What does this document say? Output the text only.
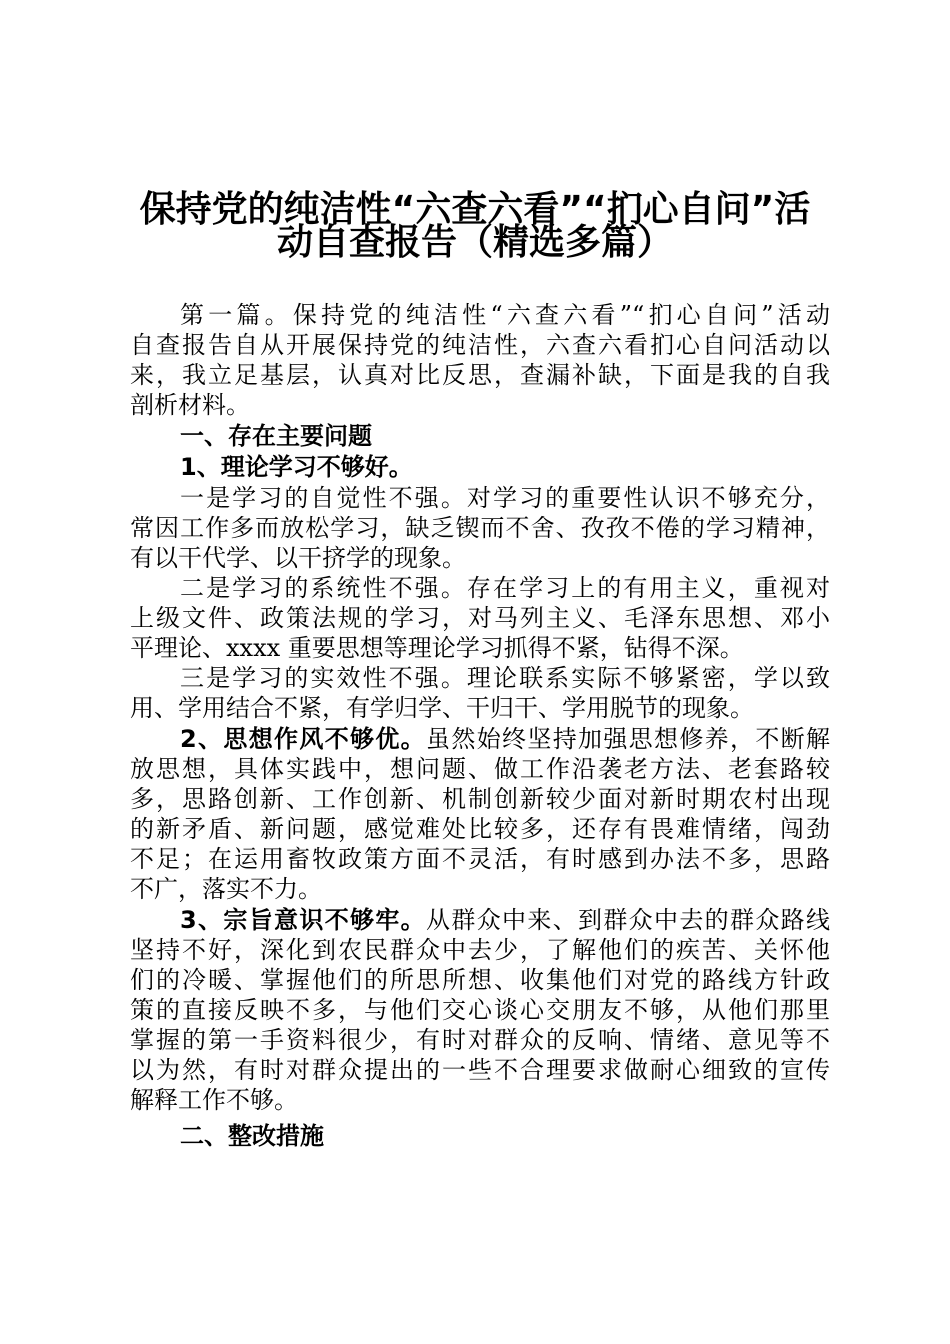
保持党的纯洁性“六查六看”“扪心自问”活
动自查报告（精选多篇）
第一篇。保持党的纯洁性“六查六看”“扪心自问”活动
自查报告自从开展保持党的纯洁性，六查六看扪心自问活动以
来，我立足基层，认真对比反思，查漏补缺，下面是我的自我
剖析材料。
一、存在主要问题
1、理论学习不够好。
一是学习的自觉性不强。对学习的重要性认识不够充分，
常因工作多而放松学习，缺乏锲而不舍、孜孜不倦的学习精神，
有以干代学、以干挤学的现象。
二是学习的系统性不强。存在学习上的有用主义，重视对
上级文件、政策法规的学习，对马列主义、毛泽东思想、邓小
平理论、xxxx 重要思想等理论学习抓得不紧，钻得不深。
三是学习的实效性不强。理论联系实际不够紧密，学以致
用、学用结合不紧，有学归学、干归干、学用脱节的现象。
2、思想作风不够优。虽然始终坚持加强思想修养，不断解
放思想，具体实践中，想问题、做工作沿袭老方法、老套路较
多，思路创新、工作创新、机制创新较少面对新时期农村出现
的新矛盾、新问题，感觉难处比较多，还存有畏难情绪，闯劲
不足；在运用畜牧政策方面不灵活，有时感到办法不多，思路
不广，落实不力。
3、宗旨意识不够牢。从群众中来、到群众中去的群众路线
坚持不好，深化到农民群众中去少，了解他们的疾苦、关怀他
们的冷暖、掌握他们的所思所想、收集他们对党的路线方针政
策的直接反映不多，与他们交心谈心交朋友不够，从他们那里
掌握的第一手资料很少，有时对群众的反响、情绪、意见等不
以为然，有时对群众提出的一些不合理要求做耐心细致的宣传
解释工作不够。
二、整改措施
